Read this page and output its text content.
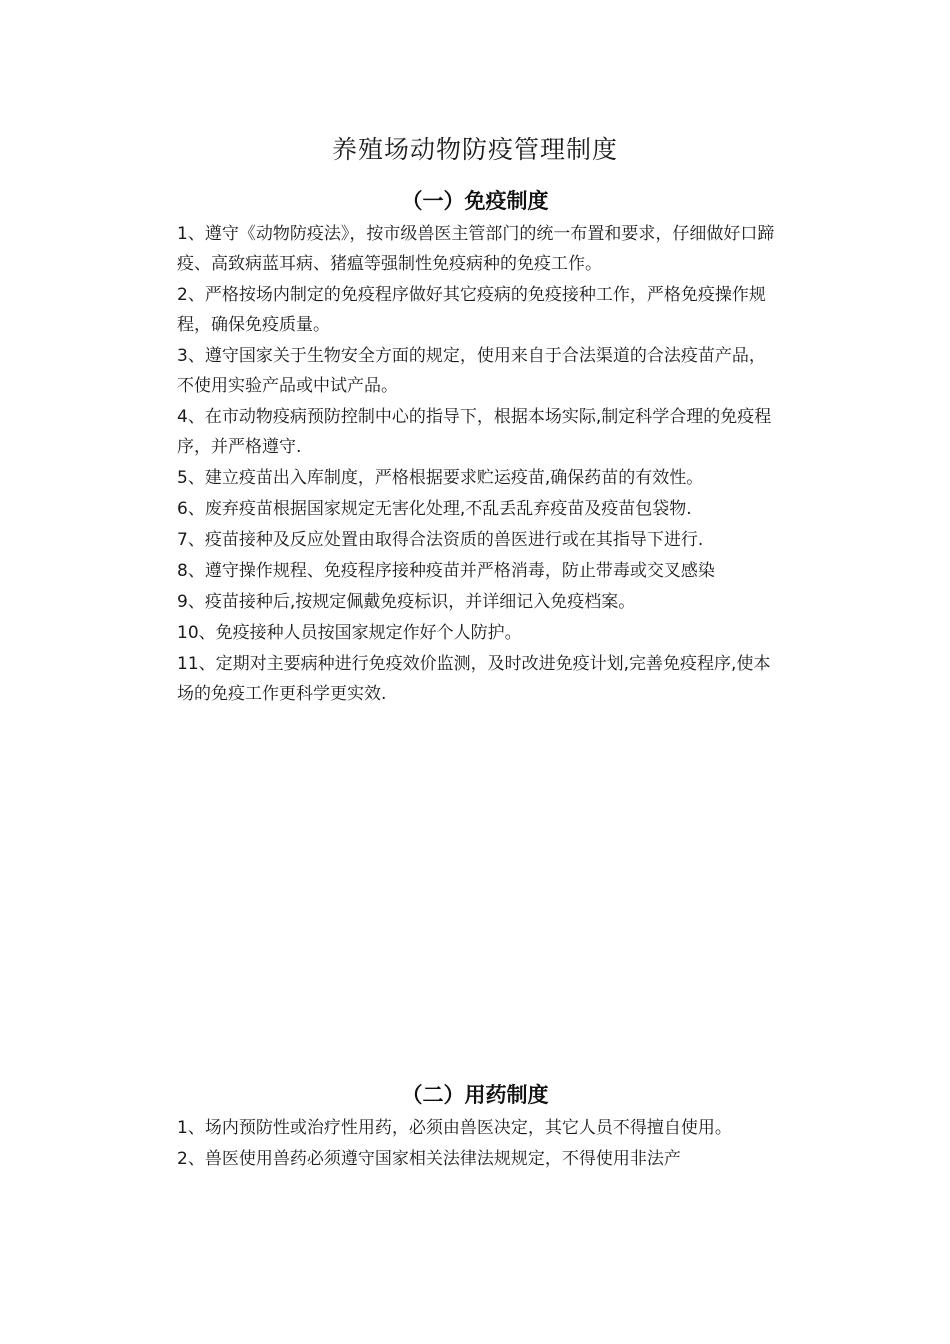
养殖场动物防疫管理制度
（一）免疫制度

1、遵守《动物防疫法》，按市级兽医主管部门的统一布置和要求，仔细做好口蹄疫、高致病蓝耳病、猪瘟等强制性免疫病种的免疫工作。

2、严格按场内制定的免疫程序做好其它疫病的免疫接种工作，严格免疫操作规程，确保免疫质量。

3、遵守国家关于生物安全方面的规定，使用来自于合法渠道的合法疫苗产品，不使用实验产品或中试产品。

4、在市动物疫病预防控制中心的指导下，根据本场实际,制定科学合理的免疫程序，并严格遵守.

5、建立疫苗出入库制度，严格根据要求贮运疫苗,确保药苗的有效性。

6、废弃疫苗根据国家规定无害化处理,不乱丢乱弃疫苗及疫苗包袋物.

7、疫苗接种及反应处置由取得合法资质的兽医进行或在其指导下进行.

8、遵守操作规程、免疫程序接种疫苗并严格消毒，防止带毒或交叉感染

9、疫苗接种后,按规定佩戴免疫标识，并详细记入免疫档案。

10、免疫接种人员按国家规定作好个人防护。

11、定期对主要病种进行免疫效价监测，及时改进免疫计划,完善免疫程序,使本场的免疫工作更科学更实效.

（二）用药制度

1、场内预防性或治疗性用药，必须由兽医决定，其它人员不得擅自使用。

2、兽医使用兽药必须遵守国家相关法律法规规定，不得使用非法产
